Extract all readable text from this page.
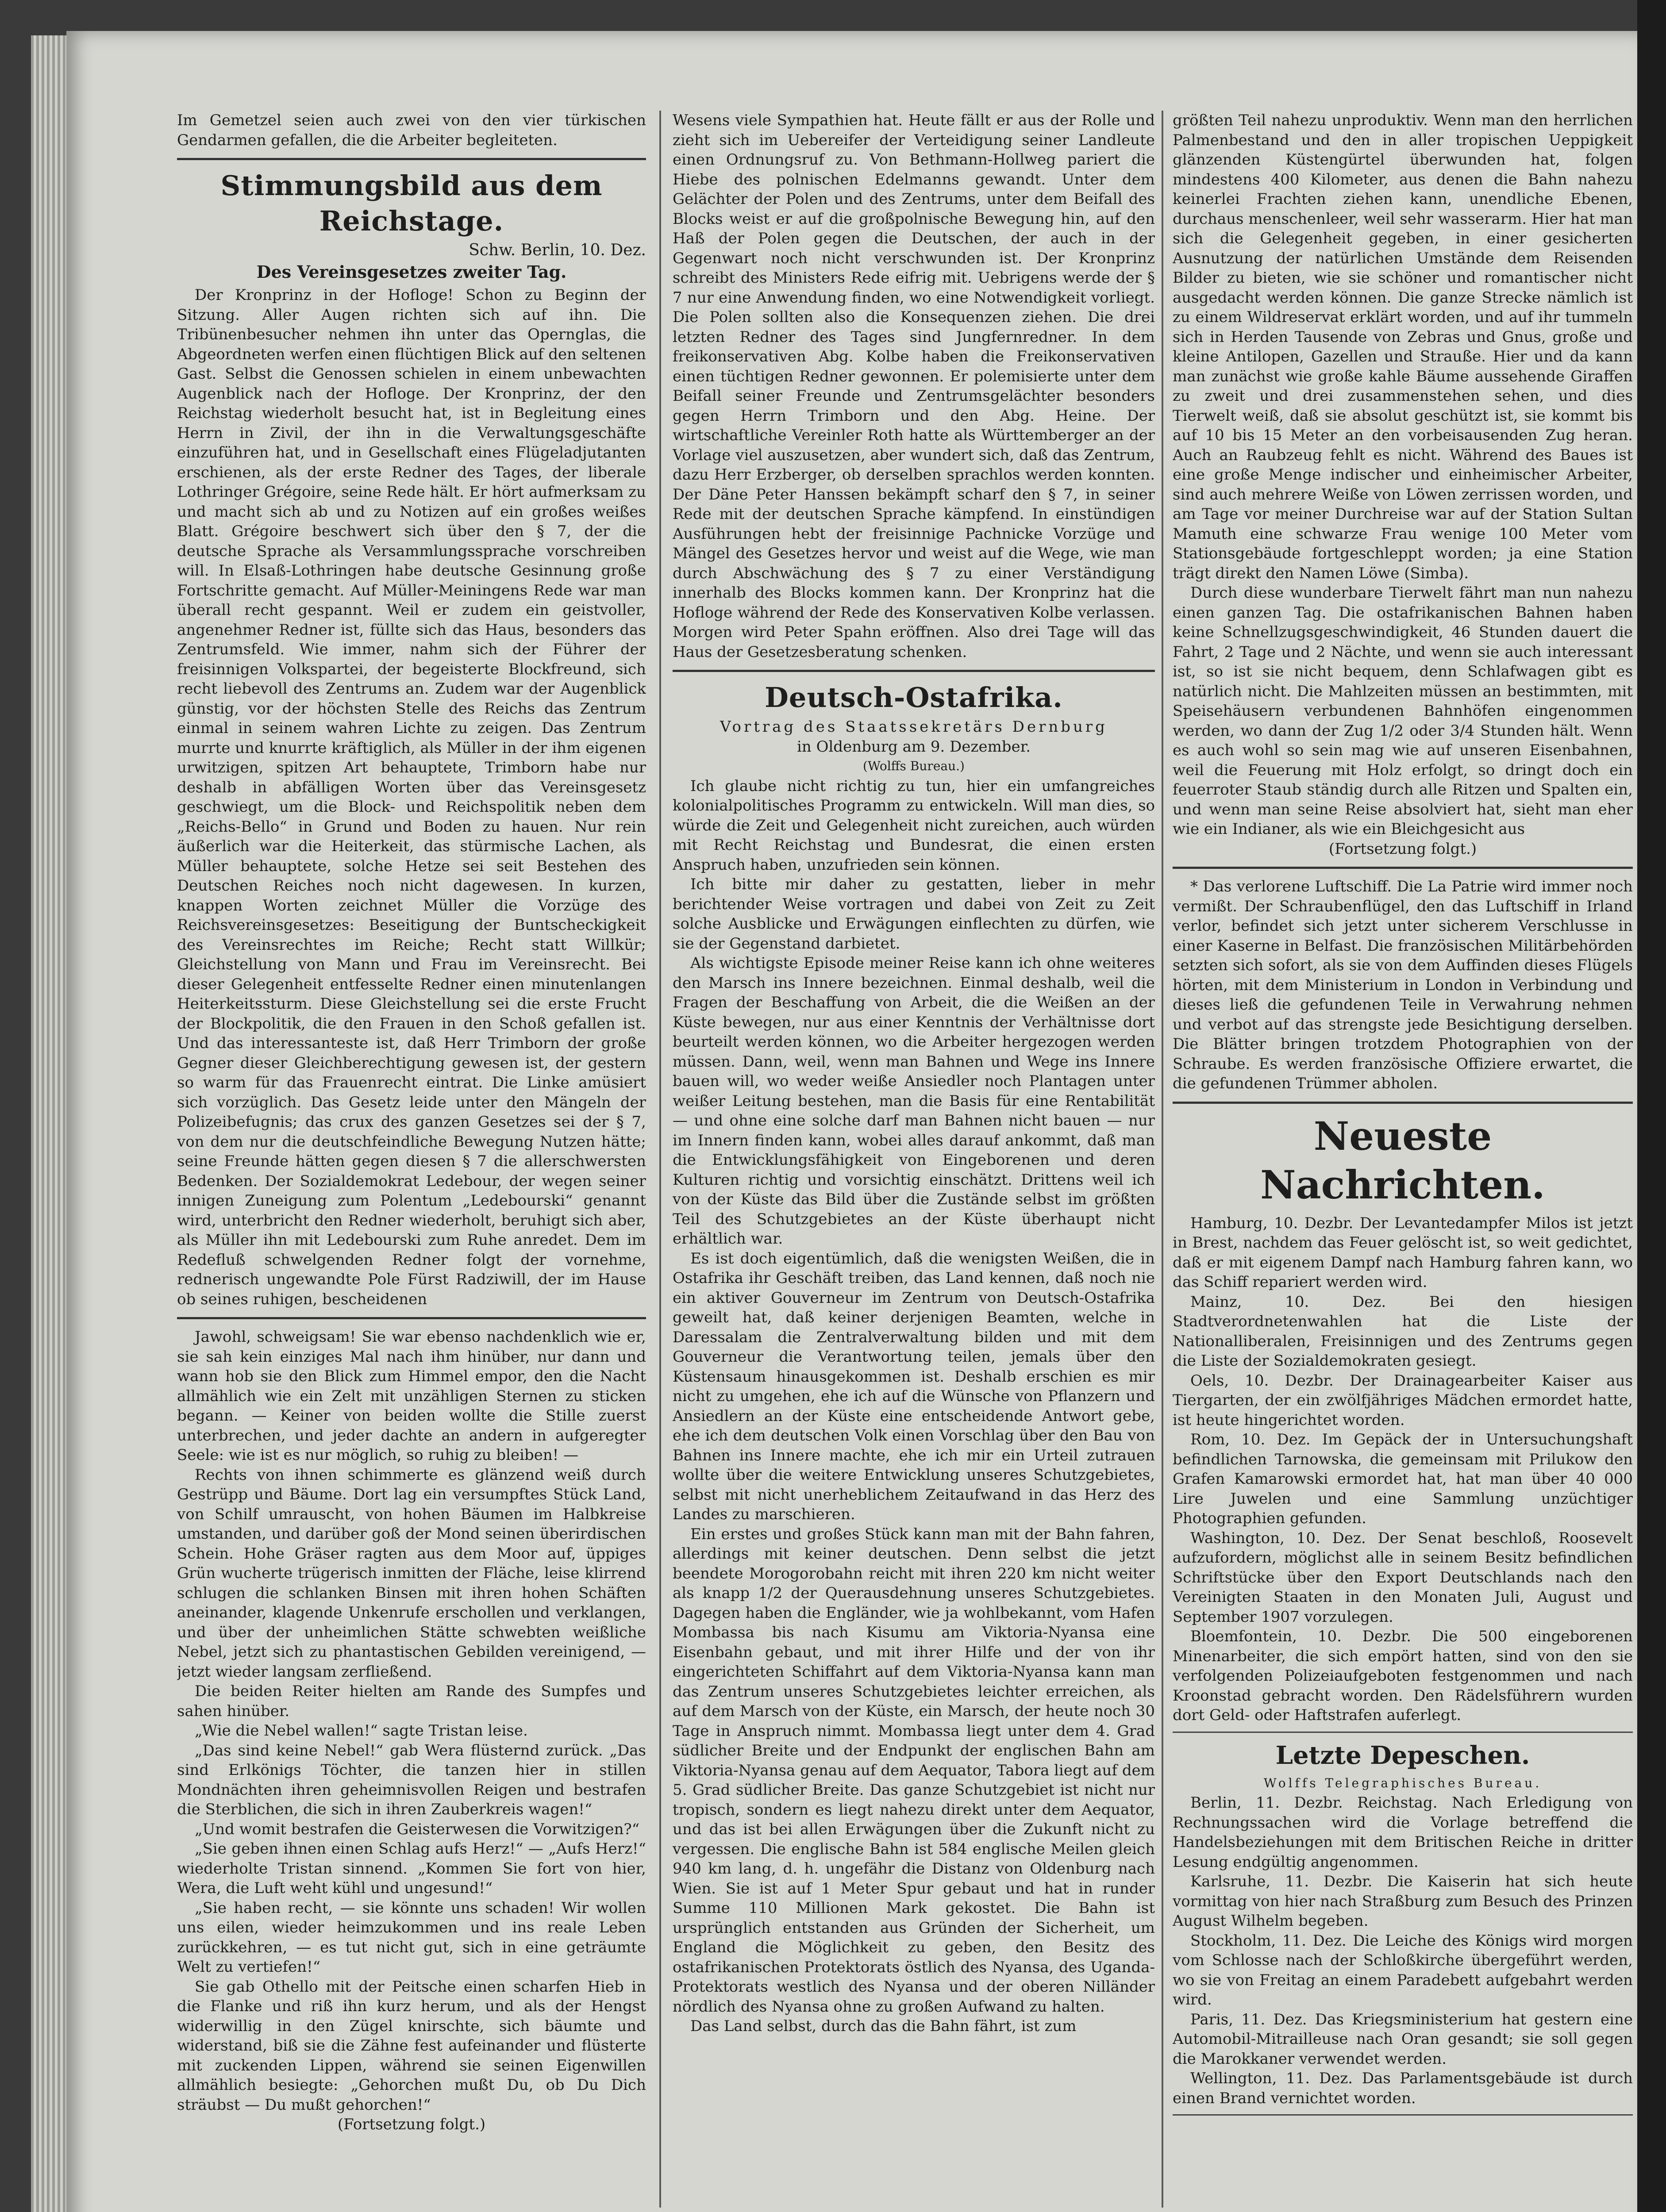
Im Gemetzel seien auch zwei von den vier türkischen Gendarmen gefallen, die die Arbeiter begleiteten.

Stimmungsbild aus dem Reichstage.
Schw. Berlin, 10. Dez.
Des Vereinsgesetzes zweiter Tag.

Der Kronprinz in der Hofloge! Schon zu Beginn der Sitzung. Aller Augen richten sich auf ihn. Die Tribünenbesucher nehmen ihn unter das Opernglas, die Abgeordneten werfen einen flüchtigen Blick auf den seltenen Gast. Selbst die Genossen schielen in einem unbewachten Augenblick nach der Hofloge. Der Kronprinz, der den Reichstag wiederholt besucht hat, ist in Begleitung eines Herrn in Zivil, der ihn in die Verwaltungsgeschäfte einzuführen hat, und in Gesellschaft eines Flügeladjutanten erschienen, als der erste Redner des Tages, der liberale Lothringer Grégoire, seine Rede hält. Er hört aufmerksam zu und macht sich ab und zu Notizen auf ein großes weißes Blatt. Grégoire beschwert sich über den § 7, der die deutsche Sprache als Versammlungssprache vorschreiben will. In Elsaß-Lothringen habe deutsche Gesinnung große Fortschritte gemacht. Auf Müller-Meiningens Rede war man überall recht gespannt. Weil er zudem ein geistvoller, angenehmer Redner ist, füllte sich das Haus, besonders das Zentrumsfeld. Wie immer, nahm sich der Führer der freisinnigen Volkspartei, der begeisterte Blockfreund, sich recht liebevoll des Zentrums an. Zudem war der Augenblick günstig, vor der höchsten Stelle des Reichs das Zentrum einmal in seinem wahren Lichte zu zeigen. Das Zentrum murrte und knurrte kräftiglich, als Müller in der ihm eigenen urwitzigen, spitzen Art behauptete, Trimborn habe nur deshalb in abfälligen Worten über das Vereinsgesetz geschwiegt, um die Block- und Reichspolitik neben dem „Reichs-Bello“ in Grund und Boden zu hauen. Nur rein äußerlich war die Heiterkeit, das stürmische Lachen, als Müller behauptete, solche Hetze sei seit Bestehen des Deutschen Reiches noch nicht dagewesen. In kurzen, knappen Worten zeichnet Müller die Vorzüge des Reichsvereinsgesetzes: Beseitigung der Buntscheckigkeit des Vereinsrechtes im Reiche; Recht statt Willkür; Gleichstellung von Mann und Frau im Vereinsrecht. Bei dieser Gelegenheit entfesselte Redner einen minutenlangen Heiterkeitssturm. Diese Gleichstellung sei die erste Frucht der Blockpolitik, die den Frauen in den Schoß gefallen ist. Und das interessanteste ist, daß Herr Trimborn der große Gegner dieser Gleichberechtigung gewesen ist, der gestern so warm für das Frauenrecht eintrat. Die Linke amüsiert sich vorzüglich. Das Gesetz leide unter den Mängeln der Polizeibefugnis; das crux des ganzen Gesetzes sei der § 7, von dem nur die deutschfeindliche Bewegung Nutzen hätte; seine Freunde hätten gegen diesen § 7 die allerschwersten Bedenken. Der Sozialdemokrat Ledebour, der wegen seiner innigen Zuneigung zum Polentum „Ledebourski“ genannt wird, unterbricht den Redner wiederholt, beruhigt sich aber, als Müller ihn mit Ledebourski zum Ruhe anredet. Dem im Redefluß schwelgenden Redner folgt der vornehme, rednerisch ungewandte Pole Fürst Radziwill, der im Hause ob seines ruhigen, bescheidenen

Jawohl, schweigsam! Sie war ebenso nachdenklich wie er, sie sah kein einziges Mal nach ihm hinüber, nur dann und wann hob sie den Blick zum Himmel empor, den die Nacht allmählich wie ein Zelt mit unzähligen Sternen zu sticken begann. — Keiner von beiden wollte die Stille zuerst unterbrechen, und jeder dachte an andern in aufgeregter Seele: wie ist es nur möglich, so ruhig zu bleiben! —

Rechts von ihnen schimmerte es glänzend weiß durch Gestrüpp und Bäume. Dort lag ein versumpftes Stück Land, von Schilf umrauscht, von hohen Bäumen im Halbkreise umstanden, und darüber goß der Mond seinen überirdischen Schein. Hohe Gräser ragten aus dem Moor auf, üppiges Grün wucherte trügerisch inmitten der Fläche, leise klirrend schlugen die schlanken Binsen mit ihren hohen Schäften aneinander, klagende Unkenrufe erschollen und verklangen, und über der unheimlichen Stätte schwebten weißliche Nebel, jetzt sich zu phantastischen Gebilden vereinigend, — jetzt wieder langsam zerfließend.

Die beiden Reiter hielten am Rande des Sumpfes und sahen hinüber.

„Wie die Nebel wallen!“ sagte Tristan leise.

„Das sind keine Nebel!“ gab Wera flüsternd zurück. „Das sind Erlkönigs Töchter, die tanzen hier in stillen Mondnächten ihren geheimnisvollen Reigen und bestrafen die Sterblichen, die sich in ihren Zauberkreis wagen!“

„Und womit bestrafen die Geisterwesen die Vorwitzigen?“

„Sie geben ihnen einen Schlag aufs Herz!“ — „Aufs Herz!“ wiederholte Tristan sinnend. „Kommen Sie fort von hier, Wera, die Luft weht kühl und ungesund!“

„Sie haben recht, — sie könnte uns schaden! Wir wollen uns eilen, wieder heimzukommen und ins reale Leben zurückkehren, — es tut nicht gut, sich in eine geträumte Welt zu vertiefen!“

Sie gab Othello mit der Peitsche einen scharfen Hieb in die Flanke und riß ihn kurz herum, und als der Hengst widerwillig in den Zügel knirschte, sich bäumte und widerstand, biß sie die Zähne fest aufeinander und flüsterte mit zuckenden Lippen, während sie seinen Eigenwillen allmählich besiegte: „Gehorchen mußt Du, ob Du Dich sträubst — Du mußt gehorchen!“

(Fortsetzung folgt.)

Wesens viele Sympathien hat. Heute fällt er aus der Rolle und zieht sich im Uebereifer der Verteidigung seiner Landleute einen Ordnungsruf zu. Von Bethmann-Hollweg pariert die Hiebe des polnischen Edelmanns gewandt. Unter dem Gelächter der Polen und des Zentrums, unter dem Beifall des Blocks weist er auf die großpolnische Bewegung hin, auf den Haß der Polen gegen die Deutschen, der auch in der Gegenwart noch nicht verschwunden ist. Der Kronprinz schreibt des Ministers Rede eifrig mit. Uebrigens werde der § 7 nur eine Anwendung finden, wo eine Notwendigkeit vorliegt. Die Polen sollten also die Konsequenzen ziehen. Die drei letzten Redner des Tages sind Jungfernredner. In dem freikonservativen Abg. Kolbe haben die Freikonservativen einen tüchtigen Redner gewonnen. Er polemisierte unter dem Beifall seiner Freunde und Zentrumsgelächter besonders gegen Herrn Trimborn und den Abg. Heine. Der wirtschaftliche Vereinler Roth hatte als Württemberger an der Vorlage viel auszusetzen, aber wundert sich, daß das Zentrum, dazu Herr Erzberger, ob derselben sprachlos werden konnten. Der Däne Peter Hanssen bekämpft scharf den § 7, in seiner Rede mit der deutschen Sprache kämpfend. In einstündigen Ausführungen hebt der freisinnige Pachnicke Vorzüge und Mängel des Gesetzes hervor und weist auf die Wege, wie man durch Abschwächung des § 7 zu einer Verständigung innerhalb des Blocks kommen kann. Der Kronprinz hat die Hofloge während der Rede des Konservativen Kolbe verlassen. Morgen wird Peter Spahn eröffnen. Also drei Tage will das Haus der Gesetzesberatung schenken.

Deutsch-Ostafrika.

Vortrag des Staatssekretärs Dernburg

in Oldenburg am 9. Dezember.

(Wolffs Bureau.)

Ich glaube nicht richtig zu tun, hier ein umfangreiches kolonialpolitisches Programm zu entwickeln. Will man dies, so würde die Zeit und Gelegenheit nicht zureichen, auch würden mit Recht Reichstag und Bundesrat, die einen ersten Anspruch haben, unzufrieden sein können.

Ich bitte mir daher zu gestatten, lieber in mehr berichtender Weise vortragen und dabei von Zeit zu Zeit solche Ausblicke und Erwägungen einflechten zu dürfen, wie sie der Gegenstand darbietet.

Als wichtigste Episode meiner Reise kann ich ohne weiteres den Marsch ins Innere bezeichnen. Einmal deshalb, weil die Fragen der Beschaffung von Arbeit, die die Weißen an der Küste bewegen, nur aus einer Kenntnis der Verhältnisse dort beurteilt werden können, wo die Arbeiter hergezogen werden müssen. Dann, weil, wenn man Bahnen und Wege ins Innere bauen will, wo weder weiße Ansiedler noch Plantagen unter weißer Leitung bestehen, man die Basis für eine Rentabilität — und ohne eine solche darf man Bahnen nicht bauen — nur im Innern finden kann, wobei alles darauf ankommt, daß man die Entwicklungsfähigkeit von Eingeborenen und deren Kulturen richtig und vorsichtig einschätzt. Drittens weil ich von der Küste das Bild über die Zustände selbst im größten Teil des Schutzgebietes an der Küste überhaupt nicht erhältlich war.

Es ist doch eigentümlich, daß die wenigsten Weißen, die in Ostafrika ihr Geschäft treiben, das Land kennen, daß noch nie ein aktiver Gouverneur im Zentrum von Deutsch-Ostafrika geweilt hat, daß keiner derjenigen Beamten, welche in Daressalam die Zentralverwaltung bilden und mit dem Gouverneur die Verantwortung teilen, jemals über den Küstensaum hinausgekommen ist. Deshalb erschien es mir nicht zu umgehen, ehe ich auf die Wünsche von Pflanzern und Ansiedlern an der Küste eine entscheidende Antwort gebe, ehe ich dem deutschen Volk einen Vorschlag über den Bau von Bahnen ins Innere machte, ehe ich mir ein Urteil zutrauen wollte über die weitere Entwicklung unseres Schutzgebietes, selbst mit nicht unerheblichem Zeitaufwand in das Herz des Landes zu marschieren.

Ein erstes und großes Stück kann man mit der Bahn fahren, allerdings mit keiner deutschen. Denn selbst die jetzt beendete Morogorobahn reicht mit ihren 220 km nicht weiter als knapp 1/2 der Querausdehnung unseres Schutzgebietes. Dagegen haben die Engländer, wie ja wohlbekannt, vom Hafen Mombassa bis nach Kisumu am Viktoria-Nyansa eine Eisenbahn gebaut, und mit ihrer Hilfe und der von ihr eingerichteten Schiffahrt auf dem Viktoria-Nyansa kann man das Zentrum unseres Schutzgebietes leichter erreichen, als auf dem Marsch von der Küste, ein Marsch, der heute noch 30 Tage in Anspruch nimmt. Mombassa liegt unter dem 4. Grad südlicher Breite und der Endpunkt der englischen Bahn am Viktoria-Nyansa genau auf dem Aequator, Tabora liegt auf dem 5. Grad südlicher Breite. Das ganze Schutzgebiet ist nicht nur tropisch, sondern es liegt nahezu direkt unter dem Aequator, und das ist bei allen Erwägungen über die Zukunft nicht zu vergessen. Die englische Bahn ist 584 englische Meilen gleich 940 km lang, d. h. ungefähr die Distanz von Oldenburg nach Wien. Sie ist auf 1 Meter Spur gebaut und hat in runder Summe 110 Millionen Mark gekostet. Die Bahn ist ursprünglich entstanden aus Gründen der Sicherheit, um England die Möglichkeit zu geben, den Besitz des ostafrikanischen Protektorats östlich des Nyansa, des Uganda-Protektorats westlich des Nyansa und der oberen Nilländer nördlich des Nyansa ohne zu großen Aufwand zu halten.

Das Land selbst, durch das die Bahn fährt, ist zum

größten Teil nahezu unproduktiv. Wenn man den herrlichen Palmenbestand und den in aller tropischen Ueppigkeit glänzenden Küstengürtel überwunden hat, folgen mindestens 400 Kilometer, aus denen die Bahn nahezu keinerlei Frachten ziehen kann, unendliche Ebenen, durchaus menschenleer, weil sehr wasserarm. Hier hat man sich die Gelegenheit gegeben, in einer gesicherten Ausnutzung der natürlichen Umstände dem Reisenden Bilder zu bieten, wie sie schöner und romantischer nicht ausgedacht werden können. Die ganze Strecke nämlich ist zu einem Wildreservat erklärt worden, und auf ihr tummeln sich in Herden Tausende von Zebras und Gnus, große und kleine Antilopen, Gazellen und Strauße. Hier und da kann man zunächst wie große kahle Bäume aussehende Giraffen zu zweit und drei zusammenstehen sehen, und dies Tierwelt weiß, daß sie absolut geschützt ist, sie kommt bis auf 10 bis 15 Meter an den vorbeisausenden Zug heran. Auch an Raubzeug fehlt es nicht. Während des Baues ist eine große Menge indischer und einheimischer Arbeiter, sind auch mehrere Weiße von Löwen zerrissen worden, und am Tage vor meiner Durchreise war auf der Station Sultan Mamuth eine schwarze Frau wenige 100 Meter vom Stationsgebäude fortgeschleppt worden; ja eine Station trägt direkt den Namen Löwe (Simba).

Durch diese wunderbare Tierwelt fährt man nun nahezu einen ganzen Tag. Die ostafrikanischen Bahnen haben keine Schnellzugsgeschwindigkeit, 46 Stunden dauert die Fahrt, 2 Tage und 2 Nächte, und wenn sie auch interessant ist, so ist sie nicht bequem, denn Schlafwagen gibt es natürlich nicht. Die Mahlzeiten müssen an bestimmten, mit Speisehäusern verbundenen Bahnhöfen eingenommen werden, wo dann der Zug 1/2 oder 3/4 Stunden hält. Wenn es auch wohl so sein mag wie auf unseren Eisenbahnen, weil die Feuerung mit Holz erfolgt, so dringt doch ein feuerroter Staub ständig durch alle Ritzen und Spalten ein, und wenn man seine Reise absolviert hat, sieht man eher wie ein Indianer, als wie ein Bleichgesicht aus

(Fortsetzung folgt.)

* Das verlorene Luftschiff. Die La Patrie wird immer noch vermißt. Der Schraubenflügel, den das Luftschiff in Irland verlor, befindet sich jetzt unter sicherem Verschlusse in einer Kaserne in Belfast. Die französischen Militärbehörden setzten sich sofort, als sie von dem Auffinden dieses Flügels hörten, mit dem Ministerium in London in Verbindung und dieses ließ die gefundenen Teile in Verwahrung nehmen und verbot auf das strengste jede Besichtigung derselben. Die Blätter bringen trotzdem Photographien von der Schraube. Es werden französische Offiziere erwartet, die die gefundenen Trümmer abholen.

Neueste Nachrichten.

Hamburg, 10. Dezbr. Der Levantedampfer Milos ist jetzt in Brest, nachdem das Feuer gelöscht ist, so weit gedichtet, daß er mit eigenem Dampf nach Hamburg fahren kann, wo das Schiff repariert werden wird.

Mainz, 10. Dez. Bei den hiesigen Stadtverordnetenwahlen hat die Liste der Nationalliberalen, Freisinnigen und des Zentrums gegen die Liste der Sozialdemokraten gesiegt.

Oels, 10. Dezbr. Der Drainagearbeiter Kaiser aus Tiergarten, der ein zwölfjähriges Mädchen ermordet hatte, ist heute hingerichtet worden.

Rom, 10. Dez. Im Gepäck der in Untersuchungshaft befindlichen Tarnowska, die gemeinsam mit Prilukow den Grafen Kamarowski ermordet hat, hat man über 40 000 Lire Juwelen und eine Sammlung unzüchtiger Photographien gefunden.

Washington, 10. Dez. Der Senat beschloß, Roosevelt aufzufordern, möglichst alle in seinem Besitz befindlichen Schriftstücke über den Export Deutschlands nach den Vereinigten Staaten in den Monaten Juli, August und September 1907 vorzulegen.

Bloemfontein, 10. Dezbr. Die 500 eingeborenen Minenarbeiter, die sich empört hatten, sind von den sie verfolgenden Polizeiaufgeboten festgenommen und nach Kroonstad gebracht worden. Den Rädelsführern wurden dort Geld- oder Haftstrafen auferlegt.

Letzte Depeschen.

Wolffs Telegraphisches Bureau.

Berlin, 11. Dezbr. Reichstag. Nach Erledigung von Rechnungssachen wird die Vorlage betreffend die Handelsbeziehungen mit dem Britischen Reiche in dritter Lesung endgültig angenommen.

Karlsruhe, 11. Dezbr. Die Kaiserin hat sich heute vormittag von hier nach Straßburg zum Besuch des Prinzen August Wilhelm begeben.

Stockholm, 11. Dez. Die Leiche des Königs wird morgen vom Schlosse nach der Schloßkirche übergeführt werden, wo sie von Freitag an einem Paradebett aufgebahrt werden wird.

Paris, 11. Dez. Das Kriegsministerium hat gestern eine Automobil-Mitrailleuse nach Oran gesandt; sie soll gegen die Marokkaner verwendet werden.

Wellington, 11. Dez. Das Parlamentsgebäude ist durch einen Brand vernichtet worden.
